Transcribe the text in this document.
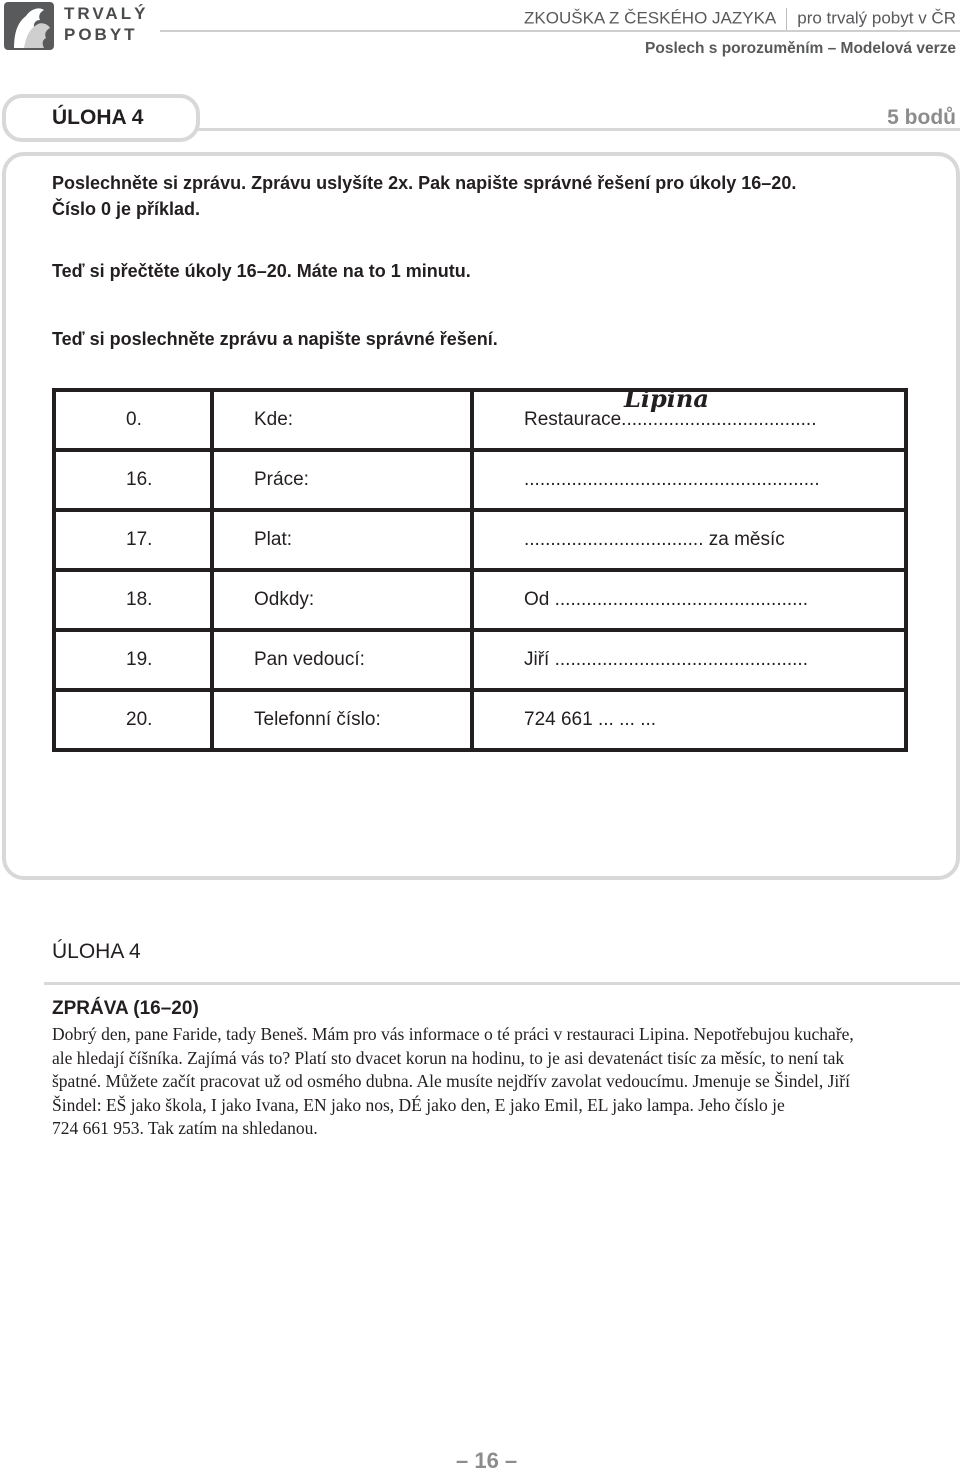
TRVALÝ
POBYT
ZKOUŠKA Z ČESKÉHO JAZYKA pro trvalý pobyt v ČR
Poslech s porozuměním – Modelová verze
ÚLOHA 4	5 bodů
Poslechněte si zprávu. Zprávu uslyšíte 2x. Pak napište správné řešení pro úkoly 16–20.
Číslo 0 je příklad.
Teď si přečtěte úkoly 16–20. Máte na to 1 minutu.
Teď si poslechněte zprávu a napište správné řešení.
0.	Kde:	Restaurace.....................................
Lipina

16.	Práce:	........................................................
17.	Plat:	.................................. za měsíc
18.	Odkdy:	Od ................................................
19.	Pan vedoucí:	Jiří ................................................
20.	Telefonní číslo:	724 661 ... ... ...
ÚLOHA 4
ZPRÁVA (16–20)
Dobrý den, pane Faride, tady Beneš. Mám pro vás informace o té práci v restauraci Lipina. Nepotřebujou kuchaře,
ale hledají číšníka. Zajímá vás to? Platí sto dvacet korun na hodinu, to je asi devatenáct tisíc za měsíc, to není tak
špatné. Můžete začít pracovat už od osmého dubna. Ale musíte nejdřív zavolat vedoucímu. Jmenuje se Šindel, Jiří
Šindel: EŠ jako škola, I jako Ivana, EN jako nos, DÉ jako den, E jako Emil, EL jako lampa. Jeho číslo je
724 661 953. Tak zatím na shledanou.
– 16 –
